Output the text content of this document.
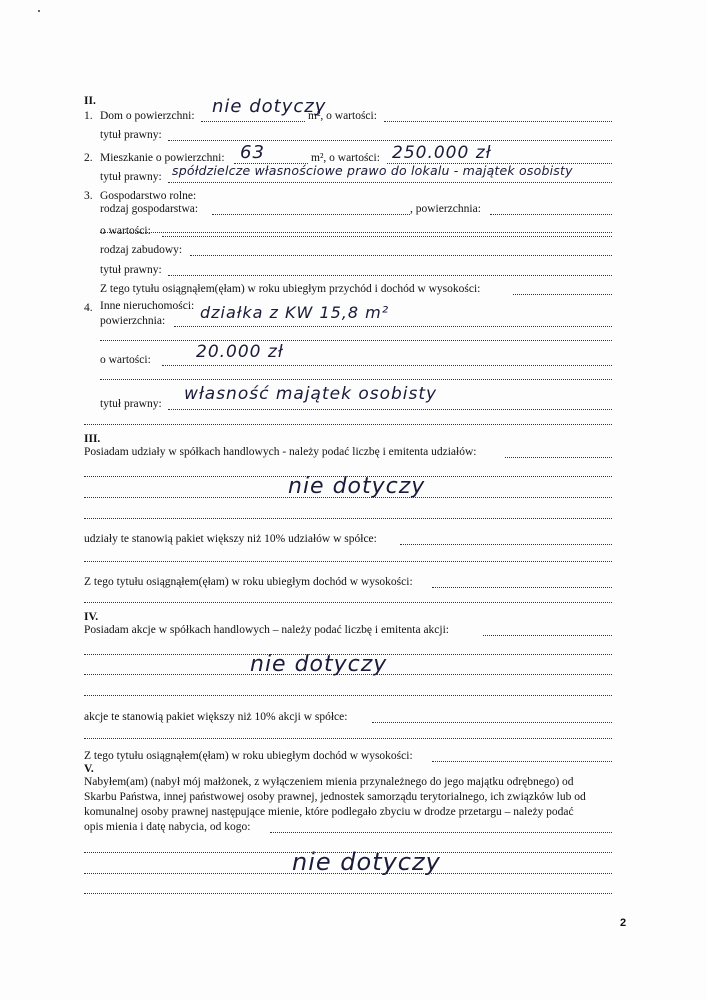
II.
1. Dom o powierzchni: nie dotyczy
m², o wartości:
tytuł prawny:
2. Mieszkanie o powierzchni: 63	m², o wartości: 250.000 zł
tytuł prawny: spółdzielcze własnościowe prawo do lokalu - majątek osobisty
3. Gospodarstwo rolne:
rodzaj gospodarstwa:	, powierzchnia:
o wartości:
rodzaj zabudowy:
tytuł prawny:
Z tego tytułu osiągnąłem(ęłam) w roku ubiegłym przychód i dochód w wysokości:
4. Inne nieruchomości:
powierzchnia: działka z KW 15,8 m²
o wartości:	20.000 zł
tytuł prawny: własność majątek osobisty
III.
Posiadam udziały w spółkach handlowych - należy podać liczbę i emitenta udziałów:
nie dotyczy
udziały te stanowią pakiet większy niż 10% udziałów w spółce:
Z tego tytułu osiągnąłem(ęłam) w roku ubiegłym dochód w wysokości:
IV.
Posiadam akcje w spółkach handlowych – należy podać liczbę i emitenta akcji:
nie dotyczy
akcje te stanowią pakiet większy niż 10% akcji w spółce:
Z tego tytułu osiągnąłem(ęłam) w roku ubiegłym dochód w wysokości:
V.
Nabyłem(am) (nabył mój małżonek, z wyłączeniem mienia przynależnego do jego majątku odrębnego) od
Skarbu Państwa, innej państwowej osoby prawnej, jednostek samorządu terytorialnego, ich związków lub od
komunalnej osoby prawnej następujące mienie, które podlegało zbyciu w drodze przetargu – należy podać
opis mienia i datę nabycia, od kogo:
nie dotyczy
2
